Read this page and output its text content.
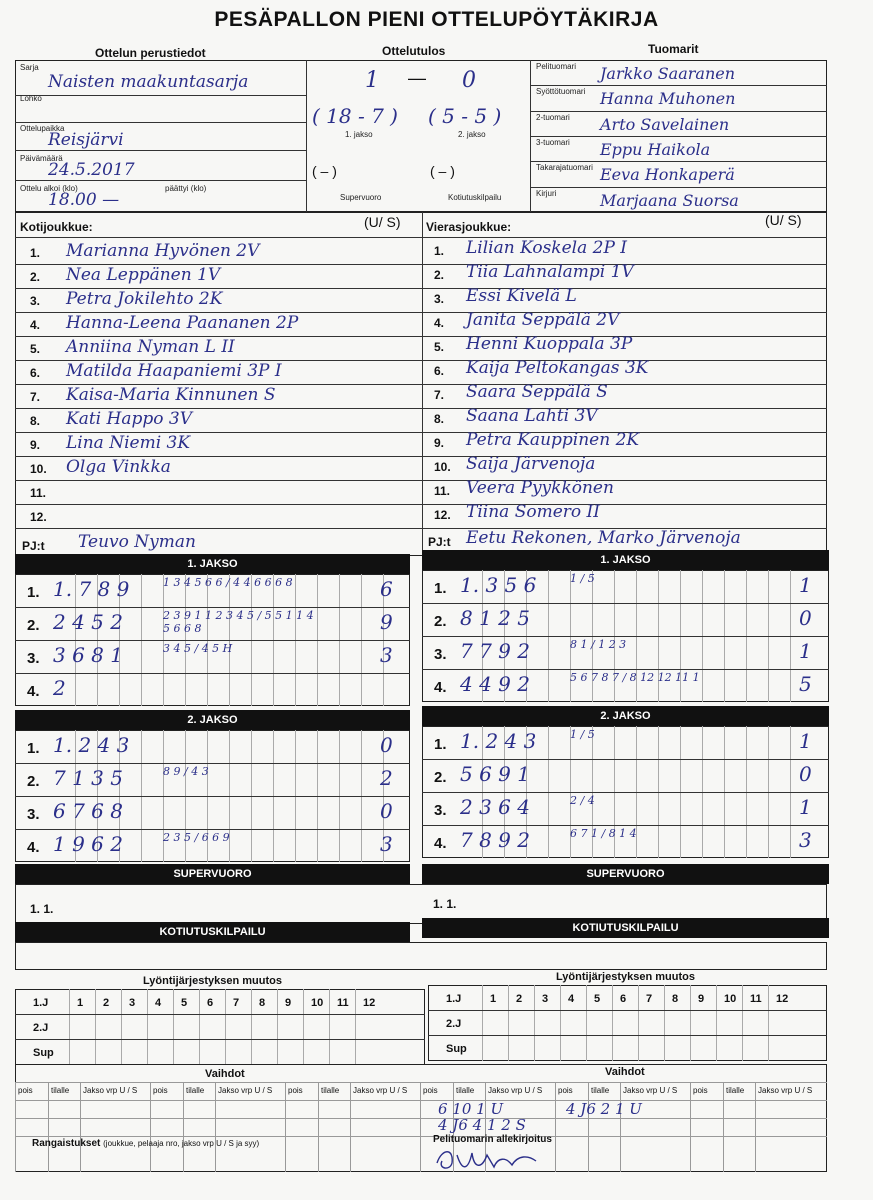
PESÄPALLON PIENI OTTELUPÖYTÄKIRJA
Ottelun perustiedot	Ottelutulos	Tuomarit
Sarja
Naisten maakuntasarja
Lohko
Ottelupaikka
Reisjärvi
Päivämäärä
24.5.2017
Ottelu alkoi (klo)	päättyi (klo)
18.00 —
1 — 0
( 18 - 7 ) ( 5 - 5 )
1. jakso	2. jakso
( – )	( – )
Supervuoro	Kotiutuskilpailu
Pelituomari Jarkko Saaranen
Syöttötuomari Hanna Muhonen
2-tuomari Arto Savelainen
3-tuomari Eppu Haikola
Takarajatuomari Eeva Honkaperä
Kirjuri	Marjaana Suorsa
Kotijoukkue:	(U/ S) Vierasjoukkue:	(U/ S)
1. Marianna Hyvönen 2V	1. Lilian Koskela 2P I
2. Nea Leppänen 1V	2. Tiia Lahnalampi 1V
3. Petra Jokilehto 2K	3. Essi Kivelä L
4. Hanna-Leena Paananen 2P	4. Janita Seppälä 2V
5. Anniina Nyman L II	5. Henni Kuoppala 3P
6. Matilda Haapaniemi 3P I	6. Kaija Peltokangas 3K
7. Kaisa-Maria Kinnunen S	7. Saara Seppälä S
8. Kati Happo 3V	8. Saana Lahti 3V
9. Lina Niemi 3K	9. Petra Kauppinen 2K
10. Olga Vinkka	10. Saija Järvenoja
11.	11. Veera Pyykkönen
12.	12. Tiina Somero II
PJ:t Teuvo Nyman	PJ:t Eetu Rekonen, Marko Järvenoja
1. JAKSO
1. 1. 7 8 9	1 3 4 5 6 6 / 4 4 6 6 6 8	6
2. 2 4 5 2	2 3 9 1 1 2 3 4 5 / 5 5 1 1 4 5 6 6 8	9
3. 3 6 8 1	3 4 5 / 4 5 H	3
4. 2
1. JAKSO
1. 1. 3 5 6	1 / 5	1
2. 8 1 2 5	0
3. 7 7 9 2	8 1 / 1 2 3	1
4. 4 4 9 2	5 6 7 8 7 / 8 12 12 11 1	5
2. JAKSO
1. 1. 2 4 3	0
2. 7 1 3 5	8 9 / 4 3	2
3. 6 7 6 8	0
4. 1 9 6 2	2 3 5 / 6 6 9	3
2. JAKSO
1. 1. 2 4 3	1 / 5	1
2. 5 6 9 1	0
3. 2 3 6 4	2 / 4	1
4. 7 8 9 2	6 7 1 / 8 1 4	3
SUPERVUORO	SUPERVUORO
1. 1.	1. 1.
KOTIUTUSKILPAILU	KOTIUTUSKILPAILU
Lyöntijärjestyksen muutos
1 2 3 4 5 6 7 8 9 10 11 12
1.J
2.J
Sup
Lyöntijärjestyksen muutos
1 2 3 4 5 6 7 8 9 10 11 12
1.J
2.J
Sup
Vaihdot	Vaihdot
pois tilalle Jakso vrp U / S pois tilalle Jakso vrp U / S pois tilalle Jakso vrp U / S pois tilalle Jakso vrp U / S pois tilalle Jakso vrp U / S pois tilalle Jakso vrp U / S
6 10 1 U	4 J6 2 1 U
4 J6 4 1 2 S
Rangaistukset (joukkue, pelaaja nro, jakso vrp U / S ja syy)	Pelituomarin allekirjoitus
